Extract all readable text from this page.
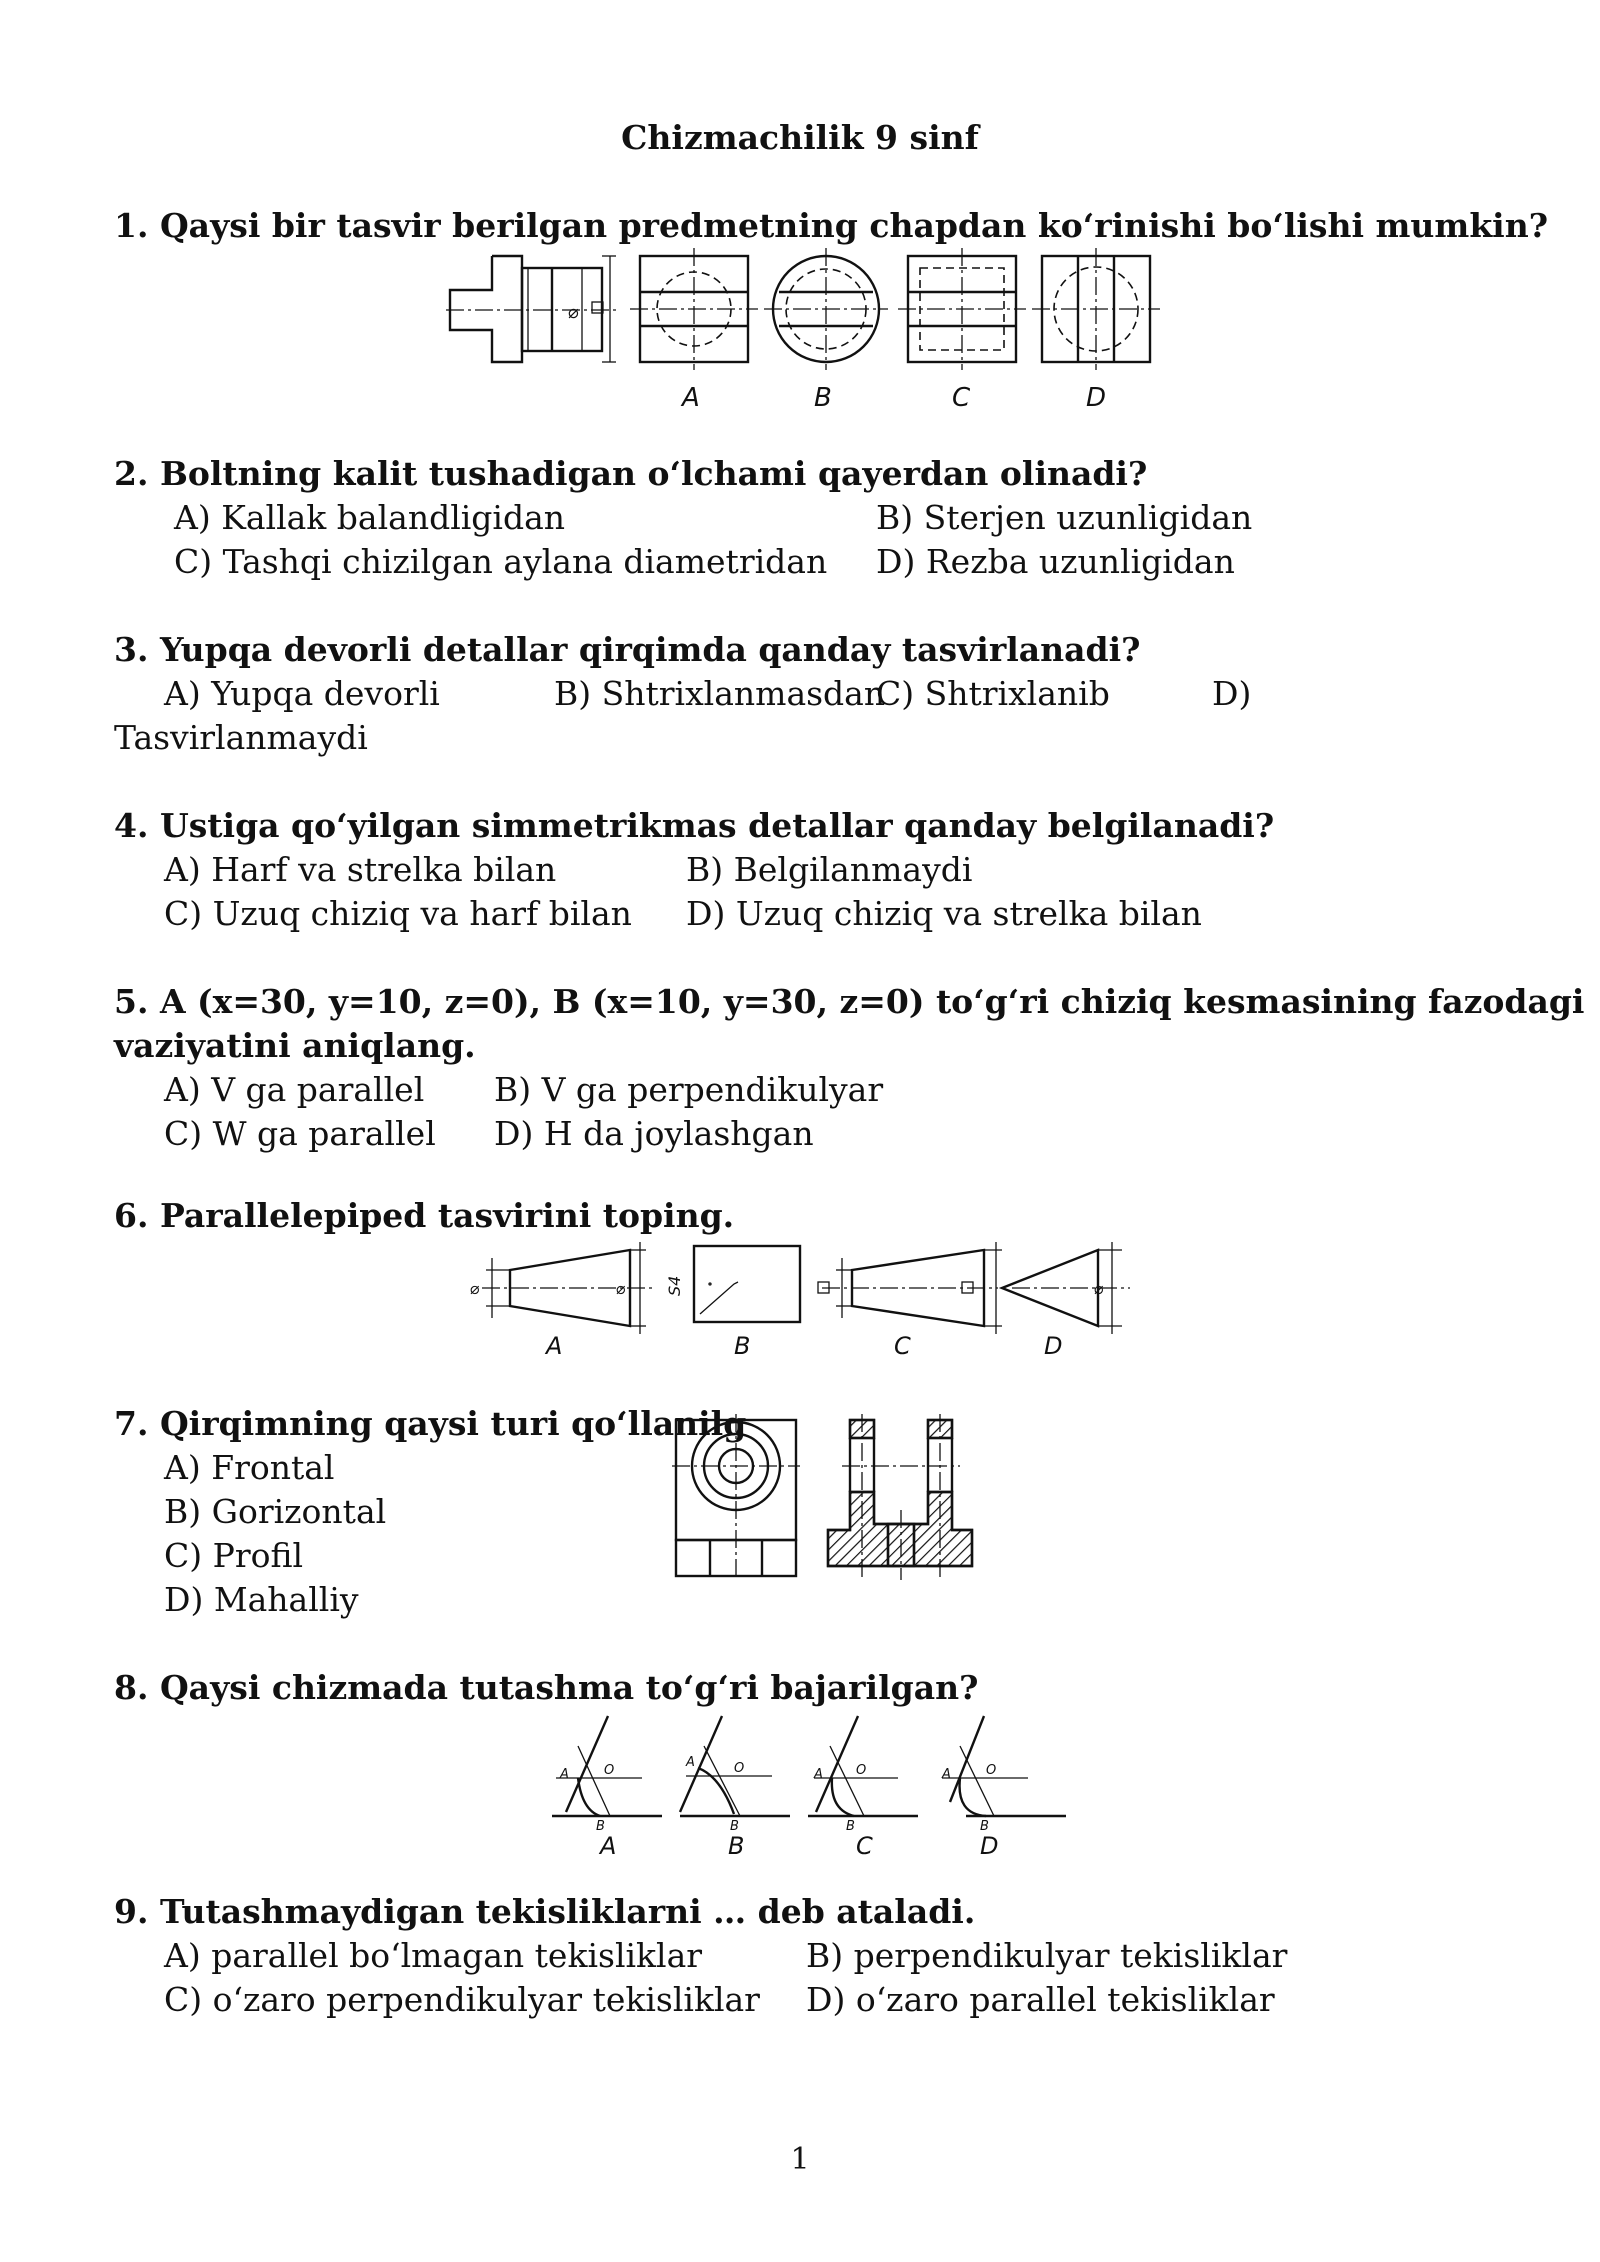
Chizmachilik 9 sinf
1. Qaysi bir tasvir berilgan predmetning chapdan ko‘rinishi bo‘lishi mumkin?
⌀
A	B	C	D
2. Boltning kalit tushadigan o‘lchami qayerdan olinadi?
A) Kallak balandligidan	B) Sterjen uzunligidan
C) Tashqi chizilgan aylana diametridan D) Rezba uzunligidan
3. Yupqa devorli detallar qirqimda qanday tasvirlanadi?
A) Yupqa devorli	B) Shtrixlanmasdan
C) Shtrixlanib	D)
Tasvirlanmaydi
4. Ustiga qo‘yilgan simmetrikmas detallar qanday belgilanadi?
A) Harf va strelka bilan	B) Belgilanmaydi
C) Uzuq chiziq va harf bilan D) Uzuq chiziq va strelka bilan
5. A (x=30, y=10, z=0), B (x=10, y=30, z=0) to‘g‘ri chiziq kesmasining fazodagi
vaziyatini aniqlang.
A) V ga parallel B) V ga perpendikulyar
C) W ga parallel D) H da joylashgan
6. Parallelepiped tasvirini toping.
⌀	⌀
A
S4
B	C
⌀
D
7. Qirqimning qaysi turi qo‘llanilg
A) Frontal
B) Gorizontal
C) Profil
D) Mahalliy
8. Qaysi chizmada tutashma to‘g‘ri bajarilgan?
A	O
B
A
A	O
B
B
A	O
B
C
A	O
B
D
9. Tutashmaydigan tekisliklarni … deb ataladi.
A) parallel bo‘lmagan tekisliklar	B) perpendikulyar tekisliklar
C) o‘zaro perpendikulyar tekisliklar D) o‘zaro parallel tekisliklar
1
